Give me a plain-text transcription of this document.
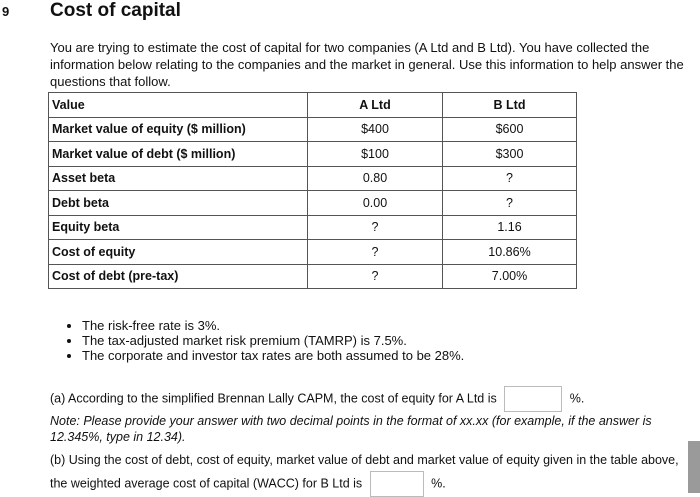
9 Cost of capital
You are trying to estimate the cost of capital for two companies (A Ltd and B Ltd). You have collected the information below relating to the companies and the market in general. Use this information to help answer the questions that follow.
Value	A Ltd	B Ltd
Market value of equity ($ million)	$400	$600
Market value of debt ($ million)	$100	$300
Asset beta	0.80	?
Debt beta	0.00	?
Equity beta	?	1.16
Cost of equity	?	10.86%
Cost of debt (pre-tax)	?	7.00%
• The risk-free rate is 3%.
• The tax-adjusted market risk premium (TAMRP) is 7.5%.
• The corporate and investor tax rates are both assumed to be 28%.
(a) According to the simplified Brennan Lally CAPM, the cost of equity for A Ltd is	%.
Note: Please provide your answer with two decimal points in the format of xx.xx (for example, if the answer is 12.345%, type in 12.34).
(b) Using the cost of debt, cost of equity, market value of debt and market value of equity given in the table above, the weighted average cost of capital (WACC) for B Ltd is	%.
